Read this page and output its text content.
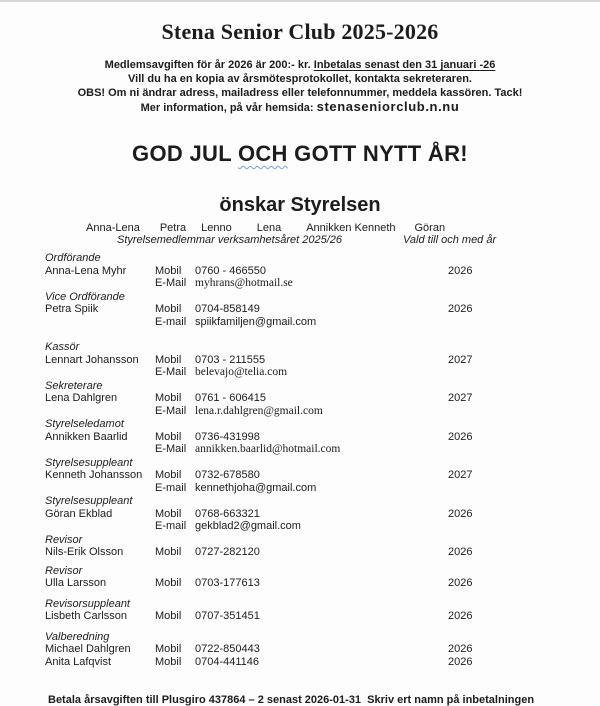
Stena Senior Club 2025-2026
Medlemsavgiften för år 2026 är 200:- kr. Inbetalas senast den 31 januari -26
Vill du ha en kopia av årsmötesprotokollet, kontakta sekreteraren.
OBS! Om ni ändrar adress, mailadress eller telefonnummer, meddela kassören. Tack!
Mer information, på vår hemsida: stenaseniorclub.n.nu
GOD JUL OCH GOTT NYTT ÅR!
önskar Styrelsen
Anna-Lena Petra Lenno Lena Annikken Kenneth Göran
Styrelsemedlemmar verksamhetsåret 2025/26	Vald till och med år
Ordförande
Anna-Lena Myhr	Mobil	0760 - 466550	2026
E-Mail myhrans@hotmail.se
Vice Ordförande
Petra Spiik	Mobil	0704-858149	2026
E-mail spiikfamiljen@gmail.com
Kassör
Lennart Johansson	Mobil	0703 - 211555	2027
E-Mail belevajo@telia.com
Sekreterare
Lena Dahlgren	Mobil	0761 - 606415	2027
E-Mail lena.r.dahlgren@gmail.com
Styrelseledamot
Annikken Baarlid	Mobil	0736-431998	2026
E-Mail annikken.baarlid@hotmail.com
Styrelsesuppleant
Kenneth Johansson	Mobil	0732-678580	2027
E-mail kennethjoha@gmail.com
Styrelsesuppleant
Göran Ekblad	Mobil	0768-663321	2026
E-mail gekblad2@gmail.com
Revisor
Nils-Erik Olsson	Mobil	0727-282120	2026
Revisor
Ulla Larsson	Mobil	0703-177613	2026
Revisorsuppleant
Lisbeth Carlsson	Mobil	0707-351451	2026
Valberedning
Michael Dahlgren	Mobil	0722-850443	2026
Anita Lafqvist	Mobil	0704-441146	2026
Betala årsavgiften till Plusgiro 437864 – 2 senast 2026-01-31  Skriv ert namn på inbetalningen
